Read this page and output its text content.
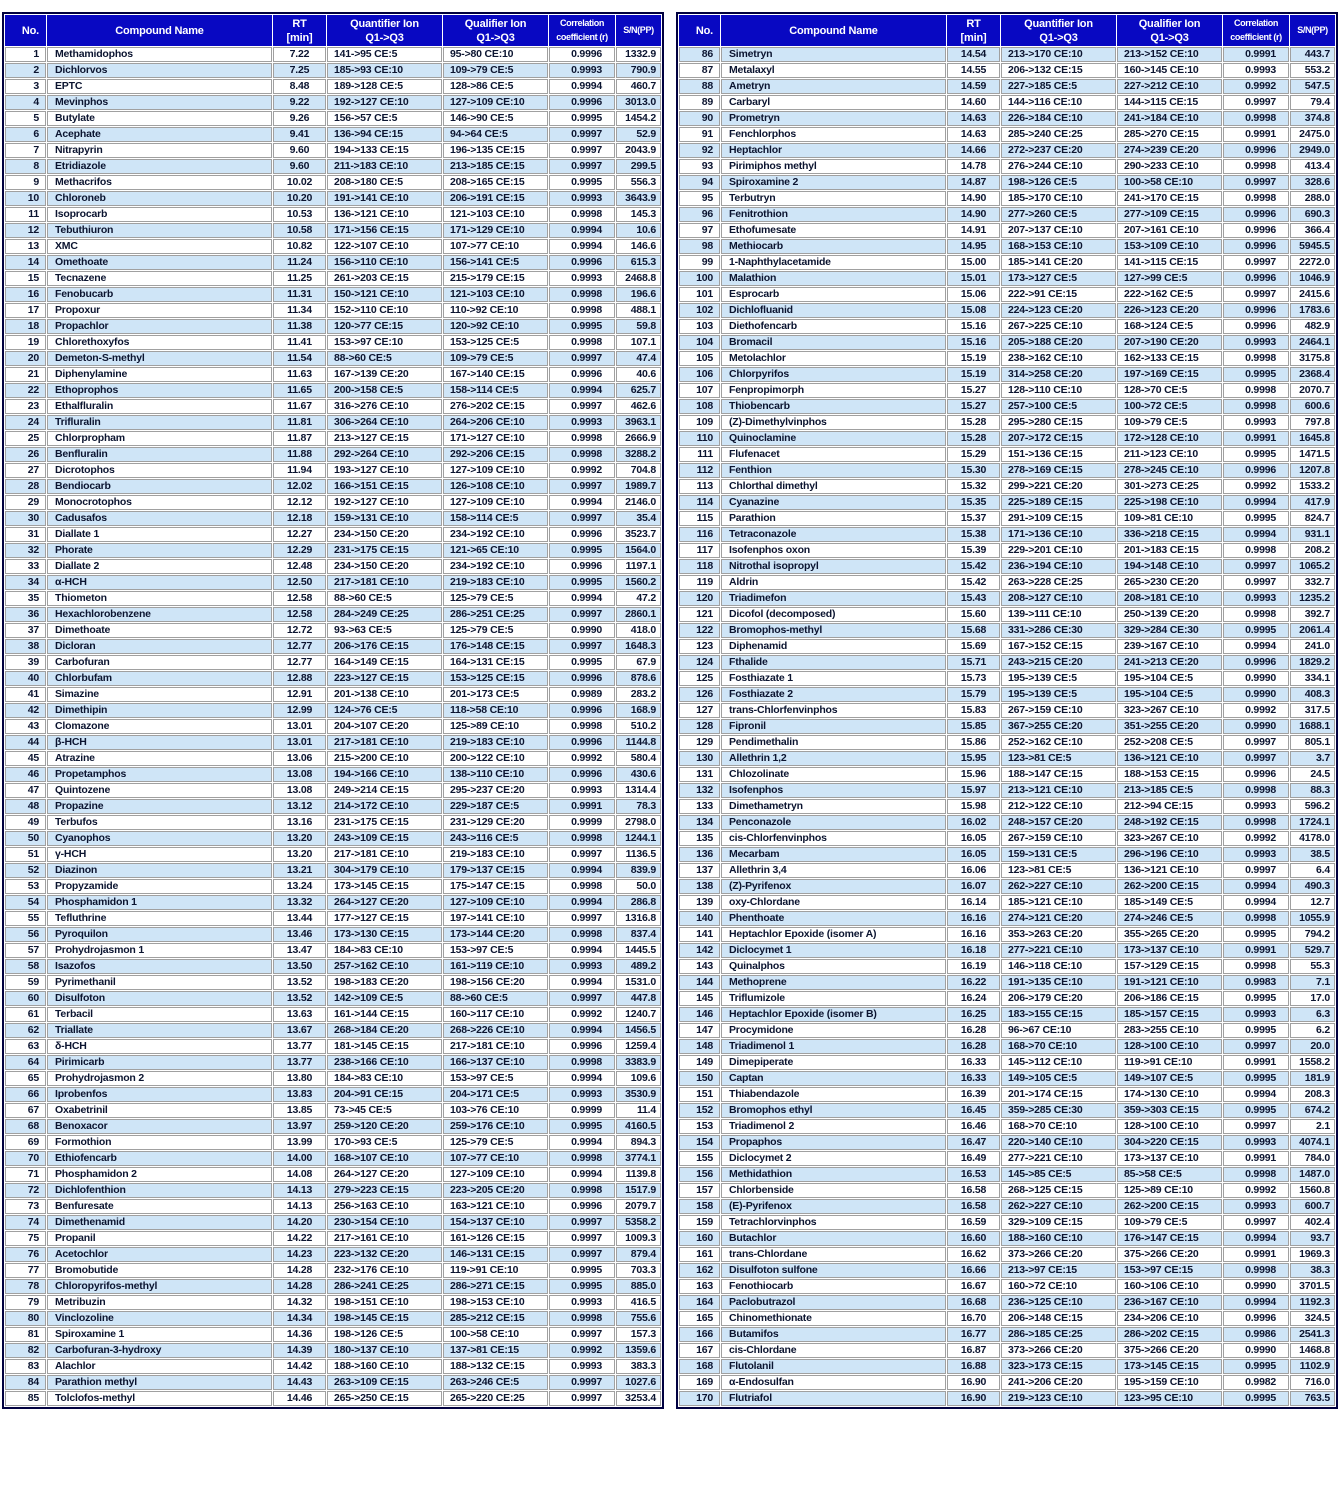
No.	Compound Name	
RT
[min]

Quantifier Ion
Q1->Q3

Qualifier Ion
Q1->Q3

Correlation
coefficient (r)

S/N(PP)

1	Methamidophos	7.22	141->95 CE:5	95->80 CE:10	0.9996	1332.9
2	Dichlorvos	7.25	185->93 CE:10	109->79 CE:5	0.9993	790.9
3	EPTC	8.48	189->128 CE:5	128->86 CE:5	0.9994	460.7
4	Mevinphos	9.22	192->127 CE:10	127->109 CE:10	0.9996	3013.0
5	Butylate	9.26	156->57 CE:5	146->90 CE:5	0.9995	1454.2
6	Acephate	9.41	136->94 CE:15	94->64 CE:5	0.9997	52.9
7	Nitrapyrin	9.60	194->133 CE:15	196->135 CE:15	0.9997	2043.9
8	Etridiazole	9.60	211->183 CE:10	213->185 CE:15	0.9997	299.5
9	Methacrifos	10.02	208->180 CE:5	208->165 CE:15	0.9995	556.3
10	Chloroneb	10.20	191->141 CE:10	206->191 CE:15	0.9993	3643.9
11	Isoprocarb	10.53	136->121 CE:10	121->103 CE:10	0.9998	145.3
12	Tebuthiuron	10.58	171->156 CE:15	171->129 CE:10	0.9994	10.6
13	XMC	10.82	122->107 CE:10	107->77 CE:10	0.9994	146.6
14	Omethoate	11.24	156->110 CE:10	156->141 CE:5	0.9996	615.3
15	Tecnazene	11.25	261->203 CE:15	215->179 CE:15	0.9993	2468.8
16	Fenobucarb	11.31	150->121 CE:10	121->103 CE:10	0.9998	196.6
17	Propoxur	11.34	152->110 CE:10	110->92 CE:10	0.9998	488.1
18	Propachlor	11.38	120->77 CE:15	120->92 CE:10	0.9995	59.8
19	Chlorethoxyfos	11.41	153->97 CE:10	153->125 CE:5	0.9998	107.1
20	Demeton-S-methyl	11.54	88->60 CE:5	109->79 CE:5	0.9997	47.4
21	Diphenylamine	11.63	167->139 CE:20	167->140 CE:15	0.9996	40.6
22	Ethoprophos	11.65	200->158 CE:5	158->114 CE:5	0.9994	625.7
23	Ethalfluralin	11.67	316->276 CE:10	276->202 CE:15	0.9997	462.6
24	Trifluralin	11.81	306->264 CE:10	264->206 CE:10	0.9993	3963.1
25	Chlorpropham	11.87	213->127 CE:15	171->127 CE:10	0.9998	2666.9
26	Benfluralin	11.88	292->264 CE:10	292->206 CE:15	0.9998	3288.2
27	Dicrotophos	11.94	193->127 CE:10	127->109 CE:10	0.9992	704.8
28	Bendiocarb	12.02	166->151 CE:15	126->108 CE:10	0.9997	1989.7
29	Monocrotophos	12.12	192->127 CE:10	127->109 CE:10	0.9994	2146.0
30	Cadusafos	12.18	159->131 CE:10	158->114 CE:5	0.9997	35.4
31	Diallate 1	12.27	234->150 CE:20	234->192 CE:10	0.9996	3523.7
32	Phorate	12.29	231->175 CE:15	121->65 CE:10	0.9995	1564.0
33	Diallate 2	12.48	234->150 CE:20	234->192 CE:10	0.9996	1197.1
34	α-HCH	12.50	217->181 CE:10	219->183 CE:10	0.9995	1560.2
35	Thiometon	12.58	88->60 CE:5	125->79 CE:5	0.9994	47.2
36	Hexachlorobenzene	12.58	284->249 CE:25	286->251 CE:25	0.9997	2860.1
37	Dimethoate	12.72	93->63 CE:5	125->79 CE:5	0.9990	418.0
38	Dicloran	12.77	206->176 CE:15	176->148 CE:15	0.9997	1648.3
39	Carbofuran	12.77	164->149 CE:15	164->131 CE:15	0.9995	67.9
40	Chlorbufam	12.88	223->127 CE:15	153->125 CE:15	0.9996	878.6
41	Simazine	12.91	201->138 CE:10	201->173 CE:5	0.9989	283.2
42	Dimethipin	12.99	124->76 CE:5	118->58 CE:10	0.9996	168.9
43	Clomazone	13.01	204->107 CE:20	125->89 CE:10	0.9998	510.2
44	β-HCH	13.01	217->181 CE:10	219->183 CE:10	0.9996	1144.8
45	Atrazine	13.06	215->200 CE:10	200->122 CE:10	0.9992	580.4
46	Propetamphos	13.08	194->166 CE:10	138->110 CE:10	0.9996	430.6
47	Quintozene	13.08	249->214 CE:15	295->237 CE:20	0.9993	1314.4
48	Propazine	13.12	214->172 CE:10	229->187 CE:5	0.9991	78.3
49	Terbufos	13.16	231->175 CE:15	231->129 CE:20	0.9999	2798.0
50	Cyanophos	13.20	243->109 CE:15	243->116 CE:5	0.9998	1244.1
51	γ-HCH	13.20	217->181 CE:10	219->183 CE:10	0.9997	1136.5
52	Diazinon	13.21	304->179 CE:10	179->137 CE:15	0.9994	839.9
53	Propyzamide	13.24	173->145 CE:15	175->147 CE:15	0.9998	50.0
54	Phosphamidon 1	13.32	264->127 CE:20	127->109 CE:10	0.9994	286.8
55	Tefluthrine	13.44	177->127 CE:15	197->141 CE:10	0.9997	1316.8
56	Pyroquilon	13.46	173->130 CE:15	173->144 CE:20	0.9998	837.4
57	Prohydrojasmon 1	13.47	184->83 CE:10	153->97 CE:5	0.9994	1445.5
58	Isazofos	13.50	257->162 CE:10	161->119 CE:10	0.9993	489.2
59	Pyrimethanil	13.52	198->183 CE:20	198->156 CE:20	0.9994	1531.0
60	Disulfoton	13.52	142->109 CE:5	88->60 CE:5	0.9997	447.8
61	Terbacil	13.63	161->144 CE:15	160->117 CE:10	0.9992	1240.7
62	Triallate	13.67	268->184 CE:20	268->226 CE:10	0.9994	1456.5
63	δ-HCH	13.77	181->145 CE:15	217->181 CE:10	0.9996	1259.4
64	Pirimicarb	13.77	238->166 CE:10	166->137 CE:10	0.9998	3383.9
65	Prohydrojasmon 2	13.80	184->83 CE:10	153->97 CE:5	0.9994	109.6
66	Iprobenfos	13.83	204->91 CE:15	204->171 CE:5	0.9993	3530.9
67	Oxabetrinil	13.85	73->45 CE:5	103->76 CE:10	0.9999	11.4
68	Benoxacor	13.97	259->120 CE:20	259->176 CE:10	0.9995	4160.5
69	Formothion	13.99	170->93 CE:5	125->79 CE:5	0.9994	894.3
70	Ethiofencarb	14.00	168->107 CE:10	107->77 CE:10	0.9998	3774.1
71	Phosphamidon 2	14.08	264->127 CE:20	127->109 CE:10	0.9994	1139.8
72	Dichlofenthion	14.13	279->223 CE:15	223->205 CE:20	0.9998	1517.9
73	Benfuresate	14.13	256->163 CE:10	163->121 CE:10	0.9996	2079.7
74	Dimethenamid	14.20	230->154 CE:10	154->137 CE:10	0.9997	5358.2
75	Propanil	14.22	217->161 CE:10	161->126 CE:15	0.9997	1009.3
76	Acetochlor	14.23	223->132 CE:20	146->131 CE:15	0.9997	879.4
77	Bromobutide	14.28	232->176 CE:10	119->91 CE:10	0.9995	703.3
78	Chloropyrifos-methyl	14.28	286->241 CE:25	286->271 CE:15	0.9995	885.0
79	Metribuzin	14.32	198->151 CE:10	198->153 CE:10	0.9993	416.5
80	Vinclozoline	14.34	198->145 CE:15	285->212 CE:15	0.9998	755.6
81	Spiroxamine 1	14.36	198->126 CE:5	100->58 CE:10	0.9997	157.3
82	Carbofuran-3-hydroxy	14.39	180->137 CE:10	137->81 CE:15	0.9992	1359.6
83	Alachlor	14.42	188->160 CE:10	188->132 CE:15	0.9993	383.3
84	Parathion methyl	14.43	263->109 CE:15	263->246 CE:5	0.9997	1027.6
85	Tolclofos-methyl	14.46	265->250 CE:15	265->220 CE:25	0.9997	3253.4
No.	Compound Name	
RT
[min]

Quantifier Ion
Q1->Q3

Qualifier Ion
Q1->Q3

Correlation
coefficient (r)

S/N(PP)

86	Simetryn	14.54	213->170 CE:10	213->152 CE:10	0.9991	443.7
87	Metalaxyl	14.55	206->132 CE:15	160->145 CE:10	0.9993	553.2
88	Ametryn	14.59	227->185 CE:5	227->212 CE:10	0.9992	547.5
89	Carbaryl	14.60	144->116 CE:10	144->115 CE:15	0.9997	79.4
90	Prometryn	14.63	226->184 CE:10	241->184 CE:10	0.9998	374.8
91	Fenchlorphos	14.63	285->240 CE:25	285->270 CE:15	0.9991	2475.0
92	Heptachlor	14.66	272->237 CE:20	274->239 CE:20	0.9996	2949.0
93	Pirimiphos methyl	14.78	276->244 CE:10	290->233 CE:10	0.9998	413.4
94	Spiroxamine 2	14.87	198->126 CE:5	100->58 CE:10	0.9997	328.6
95	Terbutryn	14.90	185->170 CE:10	241->170 CE:15	0.9998	288.0
96	Fenitrothion	14.90	277->260 CE:5	277->109 CE:15	0.9996	690.3
97	Ethofumesate	14.91	207->137 CE:10	207->161 CE:10	0.9996	366.4
98	Methiocarb	14.95	168->153 CE:10	153->109 CE:10	0.9996	5945.5
99	1-Naphthylacetamide	15.00	185->141 CE:20	141->115 CE:15	0.9997	2272.0
100	Malathion	15.01	173->127 CE:5	127->99 CE:5	0.9996	1046.9
101	Esprocarb	15.06	222->91 CE:15	222->162 CE:5	0.9997	2415.6
102	Dichlofluanid	15.08	224->123 CE:20	226->123 CE:20	0.9996	1783.6
103	Diethofencarb	15.16	267->225 CE:10	168->124 CE:5	0.9996	482.9
104	Bromacil	15.16	205->188 CE:20	207->190 CE:20	0.9993	2464.1
105	Metolachlor	15.19	238->162 CE:10	162->133 CE:15	0.9998	3175.8
106	Chlorpyrifos	15.19	314->258 CE:20	197->169 CE:15	0.9995	2368.4
107	Fenpropimorph	15.27	128->110 CE:10	128->70 CE:5	0.9998	2070.7
108	Thiobencarb	15.27	257->100 CE:5	100->72 CE:5	0.9998	600.6
109	(Z)-Dimethylvinphos	15.28	295->280 CE:15	109->79 CE:5	0.9993	797.8
110	Quinoclamine	15.28	207->172 CE:15	172->128 CE:10	0.9991	1645.8
111	Flufenacet	15.29	151->136 CE:15	211->123 CE:10	0.9995	1471.5
112	Fenthion	15.30	278->169 CE:15	278->245 CE:10	0.9996	1207.8
113	Chlorthal dimethyl	15.32	299->221 CE:20	301->273 CE:25	0.9992	1533.2
114	Cyanazine	15.35	225->189 CE:15	225->198 CE:10	0.9994	417.9
115	Parathion	15.37	291->109 CE:15	109->81 CE:10	0.9995	824.7
116	Tetraconazole	15.38	171->136 CE:10	336->218 CE:15	0.9994	931.1
117	Isofenphos oxon	15.39	229->201 CE:10	201->183 CE:15	0.9998	208.2
118	Nitrothal isopropyl	15.42	236->194 CE:10	194->148 CE:10	0.9997	1065.2
119	Aldrin	15.42	263->228 CE:25	265->230 CE:20	0.9997	332.7
120	Triadimefon	15.43	208->127 CE:10	208->181 CE:10	0.9993	1235.2
121	Dicofol (decomposed)	15.60	139->111 CE:10	250->139 CE:20	0.9998	392.7
122	Bromophos-methyl	15.68	331->286 CE:30	329->284 CE:30	0.9995	2061.4
123	Diphenamid	15.69	167->152 CE:15	239->167 CE:10	0.9994	241.0
124	Fthalide	15.71	243->215 CE:20	241->213 CE:20	0.9996	1829.2
125	Fosthiazate 1	15.73	195->139 CE:5	195->104 CE:5	0.9990	334.1
126	Fosthiazate 2	15.79	195->139 CE:5	195->104 CE:5	0.9990	408.3
127	trans-Chlorfenvinphos	15.83	267->159 CE:10	323->267 CE:10	0.9992	317.5
128	Fipronil	15.85	367->255 CE:20	351->255 CE:20	0.9990	1688.1
129	Pendimethalin	15.86	252->162 CE:10	252->208 CE:5	0.9997	805.1
130	Allethrin 1,2	15.95	123->81 CE:5	136->121 CE:10	0.9997	3.7
131	Chlozolinate	15.96	188->147 CE:15	188->153 CE:15	0.9996	24.5
132	Isofenphos	15.97	213->121 CE:10	213->185 CE:5	0.9998	88.3
133	Dimethametryn	15.98	212->122 CE:10	212->94 CE:15	0.9993	596.2
134	Penconazole	16.02	248->157 CE:20	248->192 CE:15	0.9998	1724.1
135	cis-Chlorfenvinphos	16.05	267->159 CE:10	323->267 CE:10	0.9992	4178.0
136	Mecarbam	16.05	159->131 CE:5	296->196 CE:10	0.9993	38.5
137	Allethrin 3,4	16.06	123->81 CE:5	136->121 CE:10	0.9997	6.4
138	(Z)-Pyrifenox	16.07	262->227 CE:10	262->200 CE:15	0.9994	490.3
139	oxy-Chlordane	16.14	185->121 CE:10	185->149 CE:5	0.9994	12.7
140	Phenthoate	16.16	274->121 CE:20	274->246 CE:5	0.9998	1055.9
141	Heptachlor Epoxide (isomer A)	16.16	353->263 CE:20	355->265 CE:20	0.9995	794.2
142	Diclocymet 1	16.18	277->221 CE:10	173->137 CE:10	0.9991	529.7
143	Quinalphos	16.19	146->118 CE:10	157->129 CE:15	0.9998	55.3
144	Methoprene	16.22	191->135 CE:10	191->121 CE:10	0.9983	7.1
145	Triflumizole	16.24	206->179 CE:20	206->186 CE:15	0.9995	17.0
146	Heptachlor Epoxide (isomer B)	16.25	183->155 CE:15	185->157 CE:15	0.9993	6.3
147	Procymidone	16.28	96->67 CE:10	283->255 CE:10	0.9995	6.2
148	Triadimenol 1	16.28	168->70 CE:10	128->100 CE:10	0.9997	20.0
149	Dimepiperate	16.33	145->112 CE:10	119->91 CE:10	0.9991	1558.2
150	Captan	16.33	149->105 CE:5	149->107 CE:5	0.9995	181.9
151	Thiabendazole	16.39	201->174 CE:15	174->130 CE:10	0.9994	208.3
152	Bromophos ethyl	16.45	359->285 CE:30	359->303 CE:15	0.9995	674.2
153	Triadimenol 2	16.46	168->70 CE:10	128->100 CE:10	0.9997	2.1
154	Propaphos	16.47	220->140 CE:10	304->220 CE:15	0.9993	4074.1
155	Diclocymet 2	16.49	277->221 CE:10	173->137 CE:10	0.9991	784.0
156	Methidathion	16.53	145->85 CE:5	85->58 CE:5	0.9998	1487.0
157	Chlorbenside	16.58	268->125 CE:15	125->89 CE:10	0.9992	1560.8
158	(E)-Pyrifenox	16.58	262->227 CE:10	262->200 CE:15	0.9993	600.7
159	Tetrachlorvinphos	16.59	329->109 CE:15	109->79 CE:5	0.9997	402.4
160	Butachlor	16.60	188->160 CE:10	176->147 CE:15	0.9994	93.7
161	trans-Chlordane	16.62	373->266 CE:20	375->266 CE:20	0.9991	1969.3
162	Disulfoton sulfone	16.66	213->97 CE:15	153->97 CE:15	0.9998	38.3
163	Fenothiocarb	16.67	160->72 CE:10	160->106 CE:10	0.9990	3701.5
164	Paclobutrazol	16.68	236->125 CE:10	236->167 CE:10	0.9994	1192.3
165	Chinomethionate	16.70	206->148 CE:15	234->206 CE:10	0.9996	324.5
166	Butamifos	16.77	286->185 CE:25	286->202 CE:15	0.9986	2541.3
167	cis-Chlordane	16.87	373->266 CE:20	375->266 CE:20	0.9990	1468.8
168	Flutolanil	16.88	323->173 CE:15	173->145 CE:15	0.9995	1102.9
169	α-Endosulfan	16.90	241->206 CE:20	195->159 CE:10	0.9982	716.0
170	Flutriafol	16.90	219->123 CE:10	123->95 CE:10	0.9995	763.5
